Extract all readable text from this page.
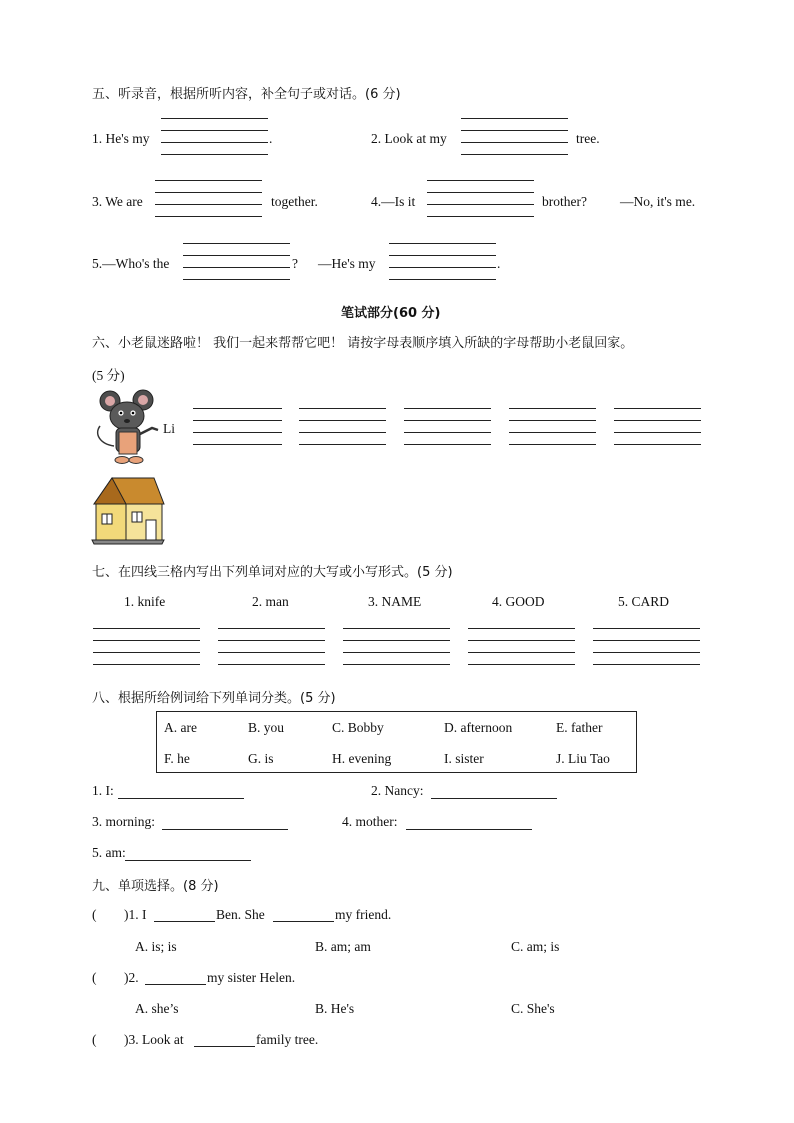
五、听录音，根据所听内容，补全句子或对话。(6 分)
1. He's my	.	2. Look at my	tree.
3. We are	together.	4.—Is it	brother? —No, it's me.
5.—Who's the	? —He's my	.
笔试部分(60 分)
六、小老鼠迷路啦！ 我们一起来帮帮它吧！ 请按字母表顺序填入所缺的字母帮助小老鼠回家。
(5 分)
Li
七、在四线三格内写出下列单词对应的大写或小写形式。(5 分)
1. knife	2. man	3. NAME	4. GOOD	5. CARD
八、根据所给例词给下列单词分类。(5 分)
A. are	B. you	C. Bobby	D. afternoon	E. father
F. he	G. is	H. evening	I. sister	J. Liu Tao
1. I:	2. Nancy:
3. morning:	4. mother:
5. am:
九、单项选择。(8 分)
( )1. I	Ben. She	my friend.
A. is; is	B. am; am	C. am; is
( )2.	my sister Helen.
A. she’s	B. He's	C. She's
( )3. Look at	family tree.
